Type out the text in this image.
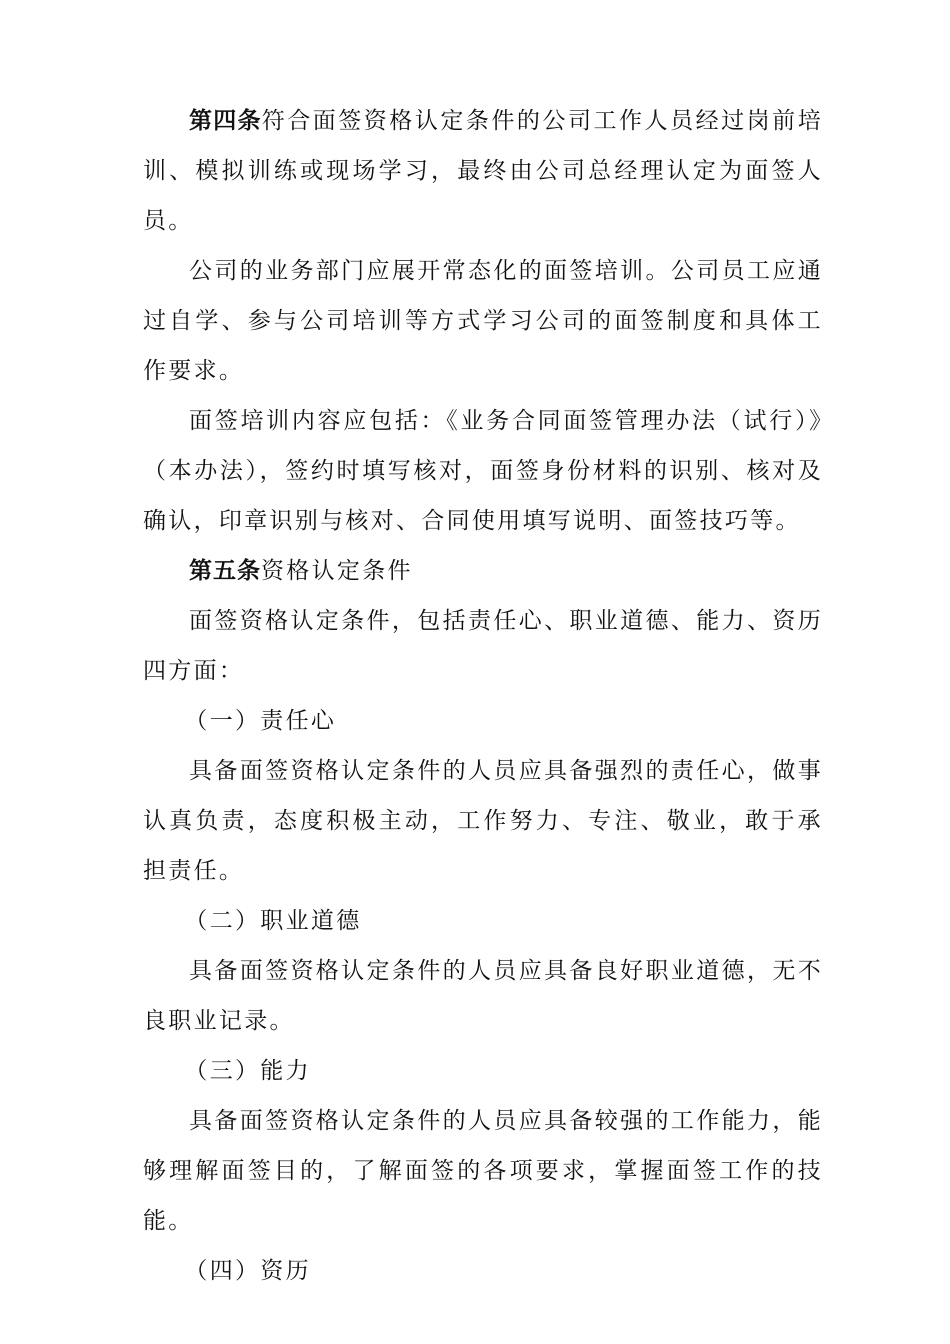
第四条符合面签资格认定条件的公司工作人员经过岗前培训、模拟训练或现场学习，最终由公司总经理认定为面签人员。

公司的业务部门应展开常态化的面签培训。公司员工应通过自学、参与公司培训等方式学习公司的面签制度和具体工作要求。

面签培训内容应包括：《业务合同面签管理办法（试行）》（本办法），签约时填写核对，面签身份材料的识别、核对及确认，印章识别与核对、合同使用填写说明、面签技巧等。

第五条资格认定条件

面签资格认定条件，包括责任心、职业道德、能力、资历四方面：

（一）责任心

具备面签资格认定条件的人员应具备强烈的责任心，做事认真负责，态度积极主动，工作努力、专注、敬业，敢于承担责任。

（二）职业道德

具备面签资格认定条件的人员应具备良好职业道德，无不良职业记录。

（三）能力

具备面签资格认定条件的人员应具备较强的工作能力，能够理解面签目的，了解面签的各项要求，掌握面签工作的技能。

（四）资历
